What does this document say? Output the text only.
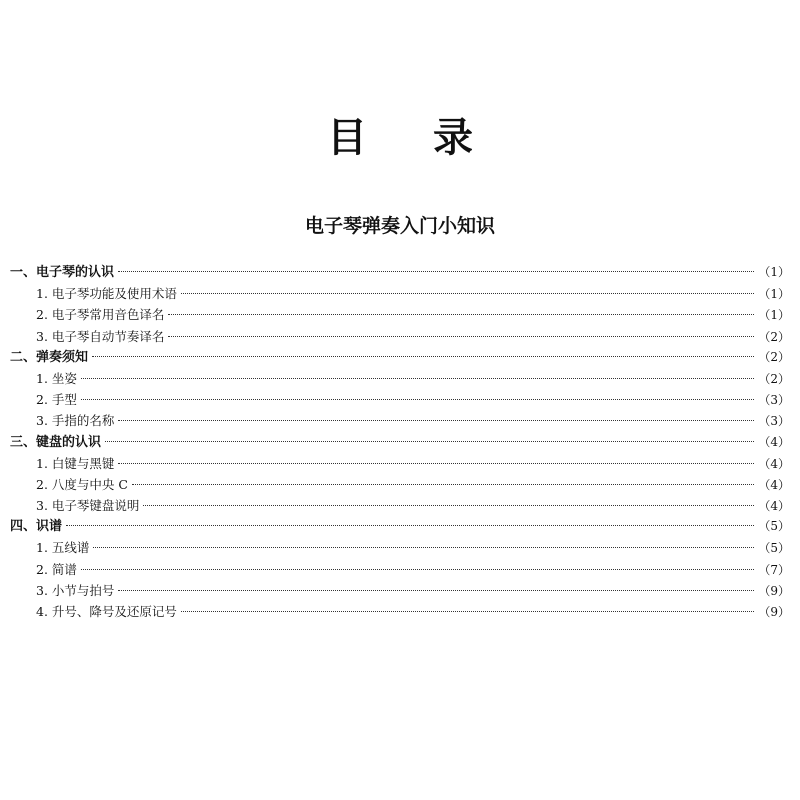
目 录
电子琴弹奏入门小知识
一、电子琴的认识	（1）
1. 电子琴功能及使用术语	（1）
2. 电子琴常用音色译名	（1）
3. 电子琴自动节奏译名	（2）
二、弹奏须知	（2）
1. 坐姿	（2）
2. 手型	（3）
3. 手指的名称	（3）
三、键盘的认识	（4）
1. 白键与黑键	（4）
2. 八度与中央 C	（4）
3. 电子琴键盘说明	（4）
四、识谱	（5）
1. 五线谱	（5）
2. 简谱	（7）
3. 小节与拍号	（9）
4. 升号、降号及还原记号	（9）
